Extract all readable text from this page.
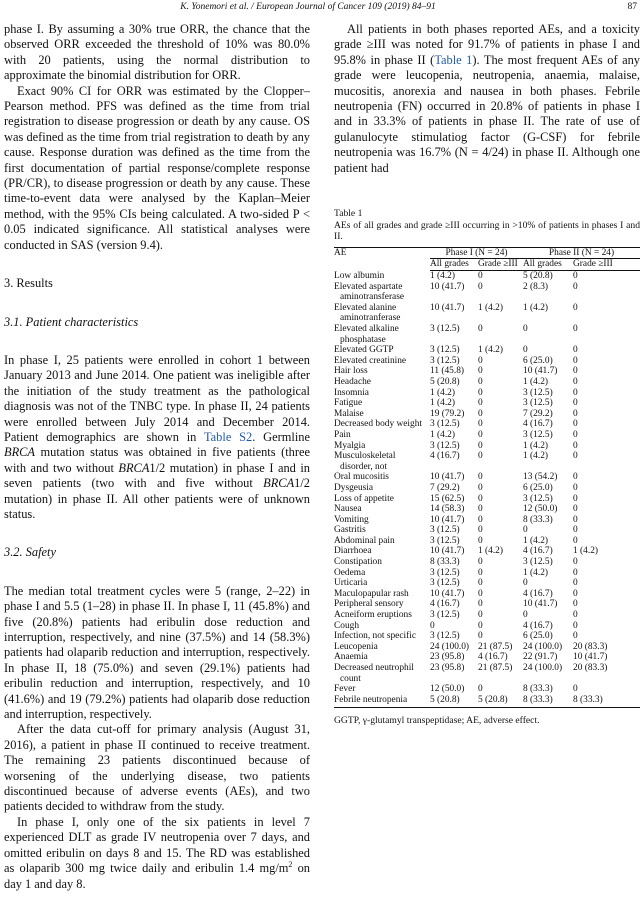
K. Yonemori et al. / European Journal of Cancer 109 (2019) 84–91	87

phase I. By assuming a 30% true ORR, the chance that the observed ORR exceeded the threshold of 10% was 80.0% with 20 patients, using the normal distribution to approximate the binomial distribution for ORR.

Exact 90% CI for ORR was estimated by the Clopper–Pearson method. PFS was defined as the time from trial registration to disease progression or death by any cause. OS was defined as the time from trial registration to death by any cause. Response duration was defined as the time from the first documentation of partial response/complete response (PR/CR), to disease progression or death by any cause. These time-to-event data were analysed by the Kaplan–Meier method, with the 95% CIs being calculated. A two-sided P < 0.05 indicated significance. All statistical analyses were conducted in SAS (version 9.4).

3. Results

3.1. Patient characteristics

In phase I, 25 patients were enrolled in cohort 1 between January 2013 and June 2014. One patient was ineligible after the initiation of the study treatment as the pathological diagnosis was not of the TNBC type. In phase II, 24 patients were enrolled between July 2014 and December 2014. Patient demographics are shown in Table S2. Germline BRCA mutation status was obtained in five patients (three with and two without BRCA1/2 mutation) in phase I and in seven patients (two with and five without BRCA1/2 mutation) in phase II. All other patients were of unknown status.

3.2. Safety

The median total treatment cycles were 5 (range, 2–22) in phase I and 5.5 (1–28) in phase II. In phase I, 11 (45.8%) and five (20.8%) patients had eribulin dose reduction and interruption, respectively, and nine (37.5%) and 14 (58.3%) patients had olaparib reduction and interruption, respectively. In phase II, 18 (75.0%) and seven (29.1%) patients had eribulin reduction and interruption, respectively, and 10 (41.6%) and 19 (79.2%) patients had olaparib dose reduction and interruption, respectively.

After the data cut-off for primary analysis (August 31, 2016), a patient in phase II continued to receive treatment. The remaining 23 patients discontinued because of worsening of the underlying disease, two patients discontinued because of adverse events (AEs), and two patients decided to withdraw from the study.

In phase I, only one of the six patients in level 7 experienced DLT as grade IV neutropenia over 7 days, and omitted eribulin on days 8 and 15. The RD was established as olaparib 300 mg twice daily and eribulin 1.4 $mg/m^2$ on day 1 and day 8.

All patients in both phases reported AEs, and a toxicity grade ≥III was noted for 91.7% of patients in phase I and 95.8% in phase II (Table 1). The most frequent AEs of any grade were leucopenia, neutropenia, anaemia, malaise, mucositis, anorexia and nausea in both phases. Febrile neutropenia (FN) occurred in 20.8% of patients in phase I and in 33.3% of patients in phase II. The rate of use of gulanulocyte stimulatiog factor (G-CSF) for febrile neutropenia was 16.7% (N = 4/24) in phase II. Although one patient had

Table 1
AEs of all grades and grade ≥III occurring in >10% of patients in phases I and II.
AE	Phase I (N = 24)		Phase II (N = 24)	
	All grades	Grade ≥III	All grades	Grade ≥III
Low albumin	1 (4.2)	0	5 (20.8)	0
Elevated aspartate aminotransferase	10 (41.7)	0	2 (8.3)	0
Elevated alanine aminotranferase	10 (41.7)	1 (4.2)	1 (4.2)	0
Elevated alkaline phosphatase	3 (12.5)	0	0	0
Elevated GGTP	3 (12.5)	1 (4.2)	0	0
Elevated creatinine	3 (12.5)	0	6 (25.0)	0
Hair loss	11 (45.8)	0	10 (41.7)	0
Headache	5 (20.8)	0	1 (4.2)	0
Insomnia	1 (4.2)	0	3 (12.5)	0
Fatigue	1 (4.2)	0	3 (12.5)	0
Malaise	19 (79.2)	0	7 (29.2)	0
Decreased body weight	3 (12.5)	0	4 (16.7)	0
Pain	1 (4.2)	0	3 (12.5)	0
Myalgia	3 (12.5)	0	1 (4.2)	0
Musculoskeletal disorder, not	4 (16.7)	0	1 (4.2)	0
Oral mucositis	10 (41.7)	0	13 (54.2)	0
Dysgeusia	7 (29.2)	0	6 (25.0)	0
Loss of appetite	15 (62.5)	0	3 (12.5)	0
Nausea	14 (58.3)	0	12 (50.0)	0
Vomiting	10 (41.7)	0	8 (33.3)	0
Gastritis	3 (12.5)	0	0	0
Abdominal pain	3 (12.5)	0	1 (4.2)	0
Diarrhoea	10 (41.7)	1 (4.2)	4 (16.7)	1 (4.2)
Constipation	8 (33.3)	0	3 (12.5)	0
Oedema	3 (12.5)	0	1 (4.2)	0
Urticaria	3 (12.5)	0	0	0
Maculopapular rash	10 (41.7)	0	4 (16.7)	0
Peripheral sensory	4 (16.7)	0	10 (41.7)	0
Acneiform eruptions	3 (12.5)	0	0	0
Cough	0	0	4 (16.7)	0
Infection, not specific	3 (12.5)	0	6 (25.0)	0
Leucopenia	24 (100.0)	21 (87.5)	24 (100.0)	20 (83.3)
Anaemia	23 (95.8)	4 (16.7)	22 (91.7)	10 (41.7)
Decreased neutrophil count	23 (95.8)	21 (87.5)	24 (100.0)	20 (83.3)
Fever	12 (50.0)	0	8 (33.3)	0
Febrile neutropenia	5 (20.8)	5 (20.8)	8 (33.3)	8 (33.3)
GGTP, γ-glutamyl transpeptidase; AE, adverse effect.
